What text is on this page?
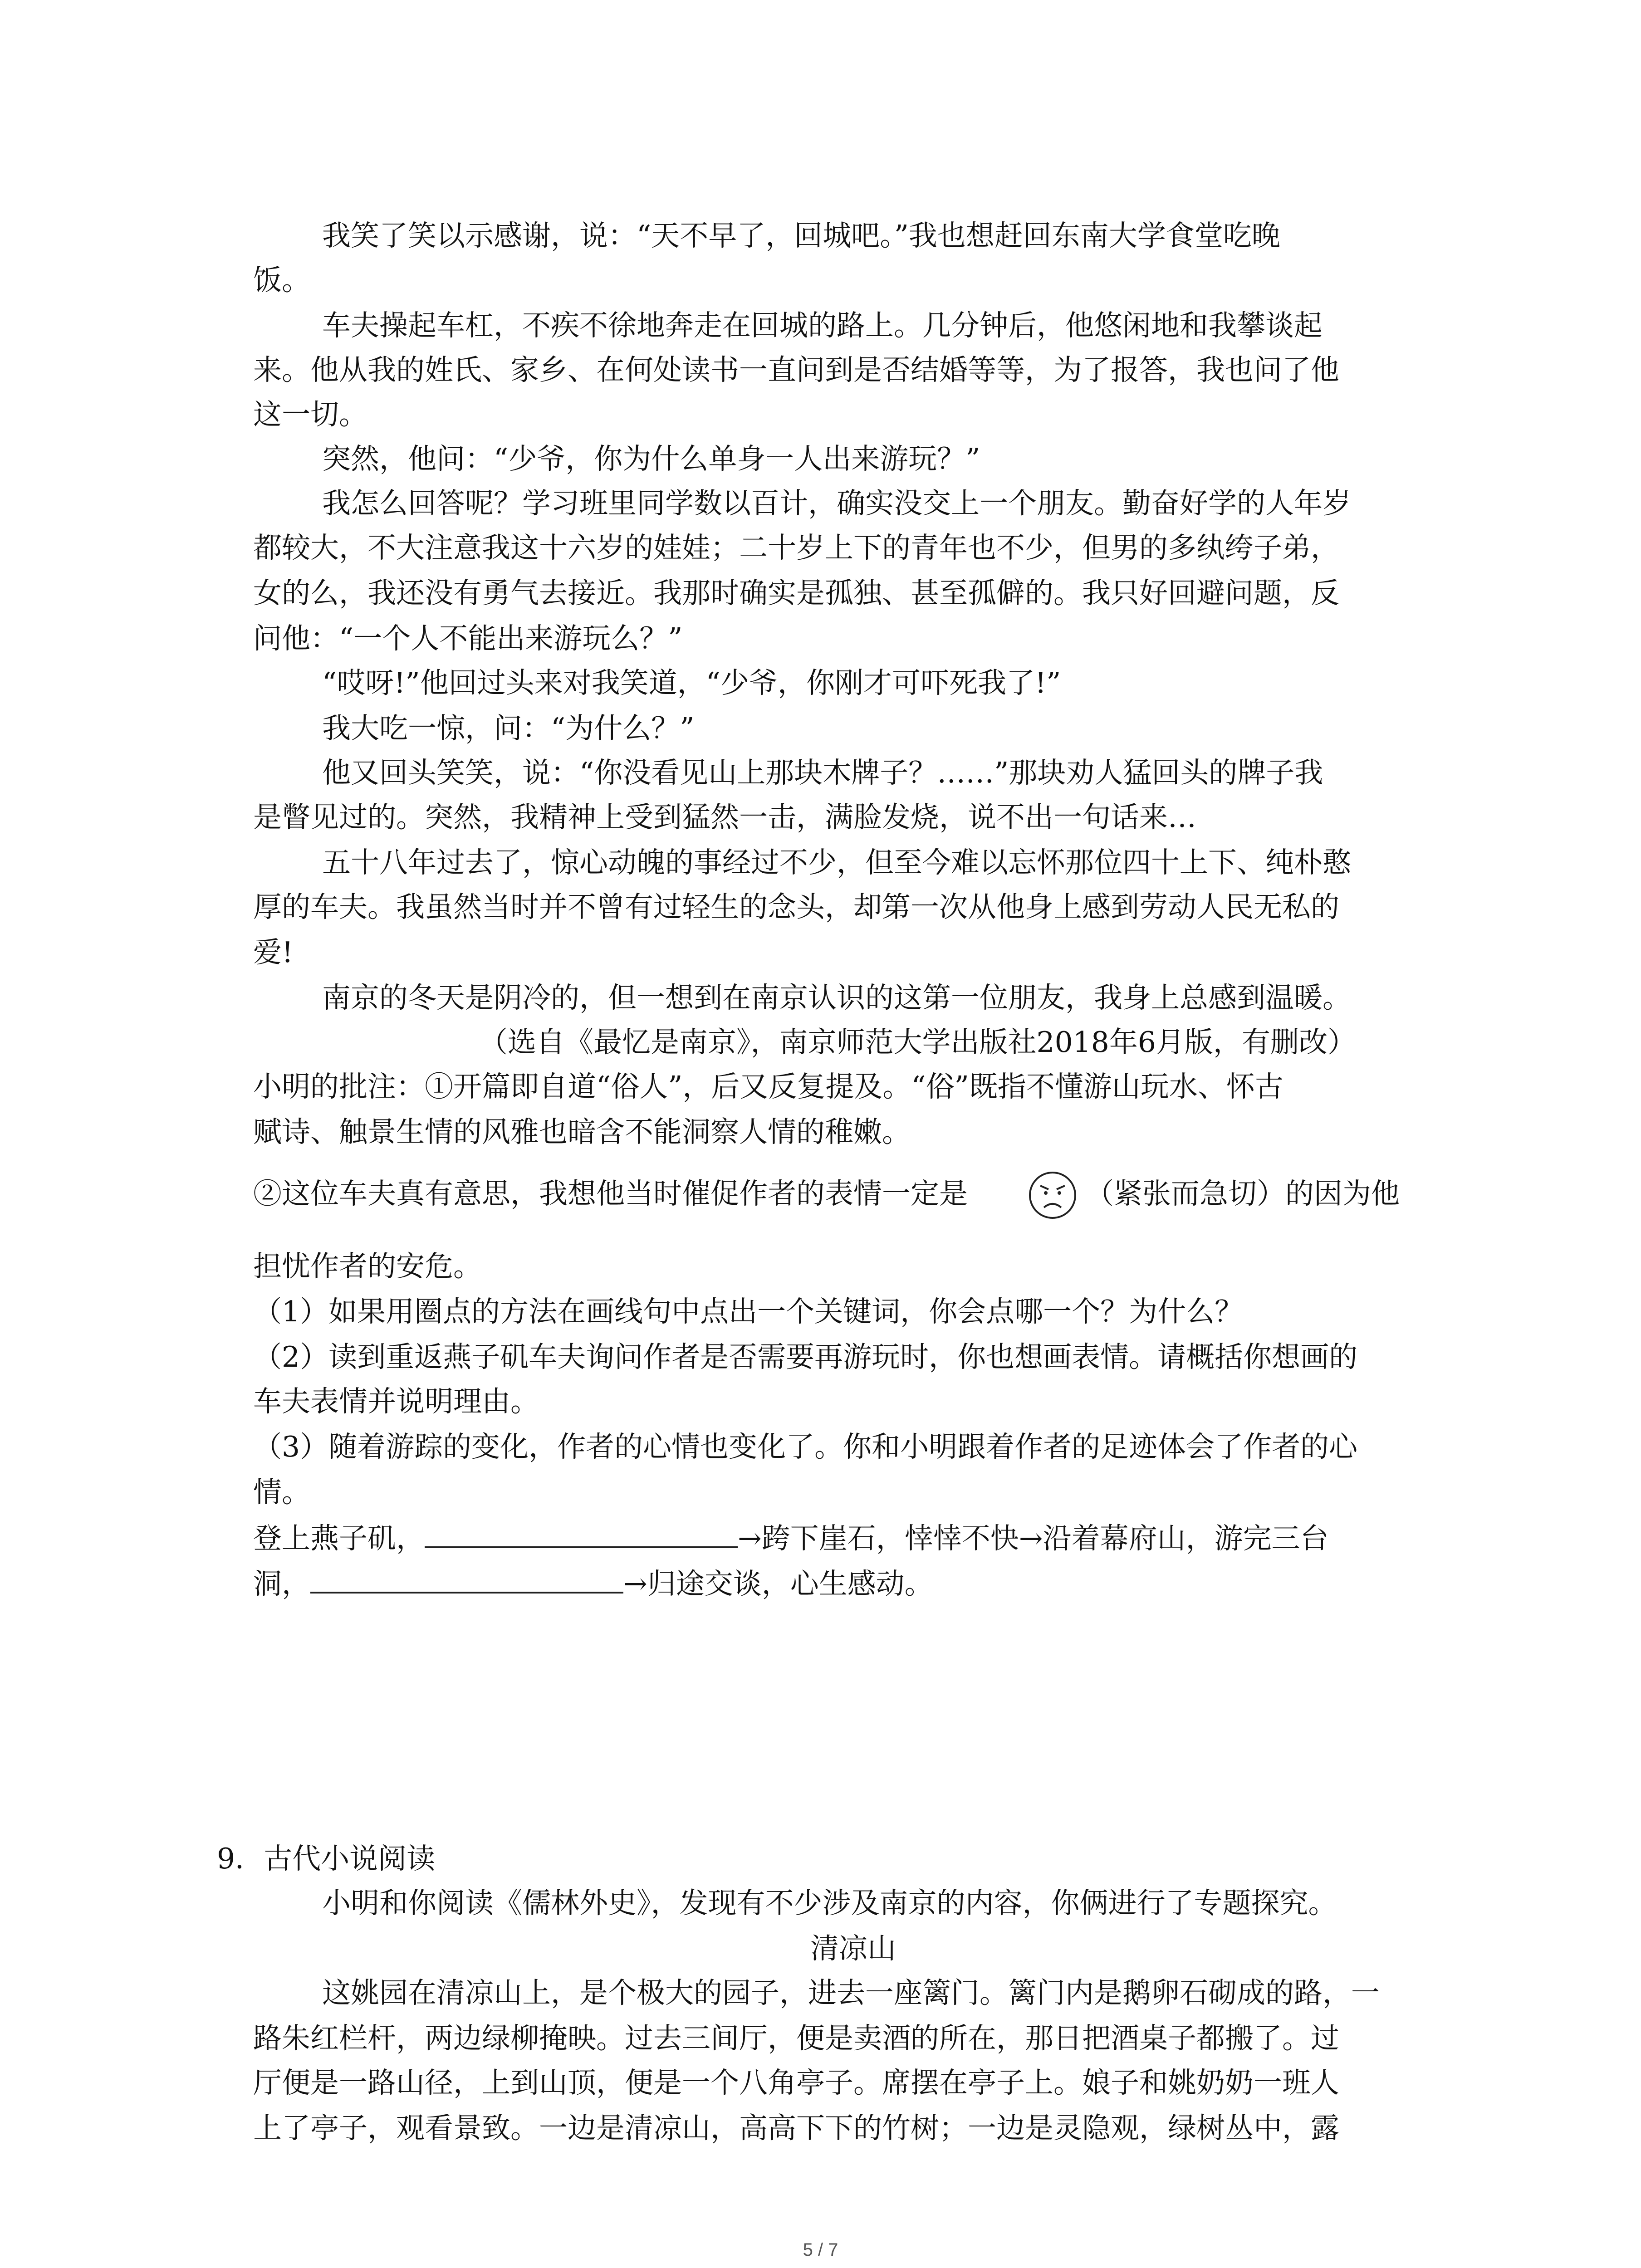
我笑了笑以示感谢，说：“天不早了，回城吧。”我也想赶回东南大学食堂吃晚
饭。
车夫操起车杠，不疾不徐地奔走在回城的路上。几分钟后，他悠闲地和我攀谈起
来。他从我的姓氏、家乡、在何处读书一直问到是否结婚等等，为了报答，我也问了他
这一切。
突然，他问：“少爷，你为什么单身一人出来游玩？”
我怎么回答呢？学习班里同学数以百计，确实没交上一个朋友。勤奋好学的人年岁
都较大，不大注意我这十六岁的娃娃；二十岁上下的青年也不少，但男的多纨绔子弟，
女的么，我还没有勇气去接近。我那时确实是孤独、甚至孤僻的。我只好回避问题，反
问他：“一个人不能出来游玩么？”
“哎呀!”他回过头来对我笑道，“少爷，你刚才可吓死我了!”
我大吃一惊，问：“为什么？”
他又回头笑笑，说：“你没看见山上那块木牌子？……”那块劝人猛回头的牌子我
是瞥见过的。突然，我精神上受到猛然一击，满脸发烧，说不出一句话来…
五十八年过去了，惊心动魄的事经过不少，但至今难以忘怀那位四十上下、纯朴憨
厚的车夫。我虽然当时并不曾有过轻生的念头，却第一次从他身上感到劳动人民无私的
爱!
南京的冬天是阴冷的，但一想到在南京认识的这第一位朋友，我身上总感到温暖。
（选自《最忆是南京》，南京师范大学出版社2018年6月版，有删改）
小明的批注：①开篇即自道“俗人”，后又反复提及。“俗”既指不懂游山玩水、怀古
赋诗、触景生情的风雅也暗含不能洞察人情的稚嫩。
②这位车夫真有意思，我想他当时催促作者的表情一定是	（紧张而急切）的因为他
担忧作者的安危。
（1）如果用圈点的方法在画线句中点出一个关键词，你会点哪一个？为什么？
（2）读到重返燕子矶车夫询问作者是否需要再游玩时，你也想画表情。请概括你想画的
车夫表情并说明理由。
（3）随着游踪的变化，作者的心情也变化了。你和小明跟着作者的足迹体会了作者的心
情。
登上燕子矶，	→跨下崖石，悻悻不快→沿着幕府山，游完三台
洞，	→归途交谈，心生感动。
9．古代小说阅读
小明和你阅读《儒林外史》，发现有不少涉及南京的内容，你俩进行了专题探究。
清凉山
这姚园在清凉山上，是个极大的园子，进去一座篱门。篱门内是鹅卵石砌成的路，一
路朱红栏杆，两边绿柳掩映。过去三间厅，便是卖酒的所在，那日把酒桌子都搬了。过
厅便是一路山径，上到山顶，便是一个八角亭子。席摆在亭子上。娘子和姚奶奶一班人
上了亭子，观看景致。一边是清凉山，高高下下的竹树；一边是灵隐观，绿树丛中，露
5 / 7
